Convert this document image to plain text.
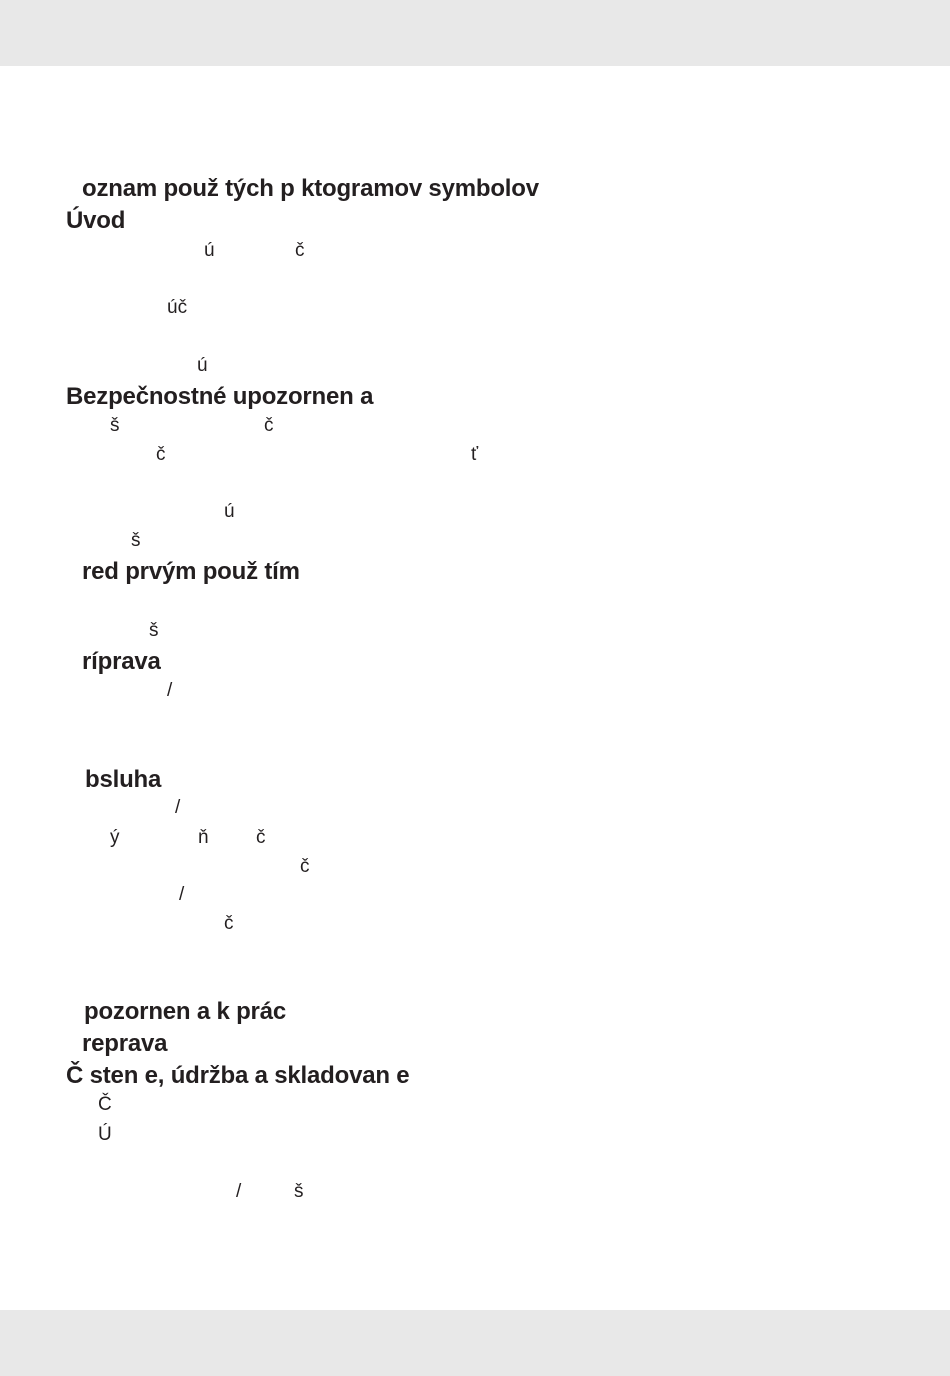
oznam použ tých p ktogramov symbolov
Úvod
ú	č
úč
ú
Bezpečnostné upozornen a
š	č
č	ť
ú
š
red prvým použ tím
š
ríprava
/
bsluha
/
ý	ň č
č
/
č
pozornen a k prác
reprava
Č sten e, údržba a skladovan e
Č
Ú
/	š
